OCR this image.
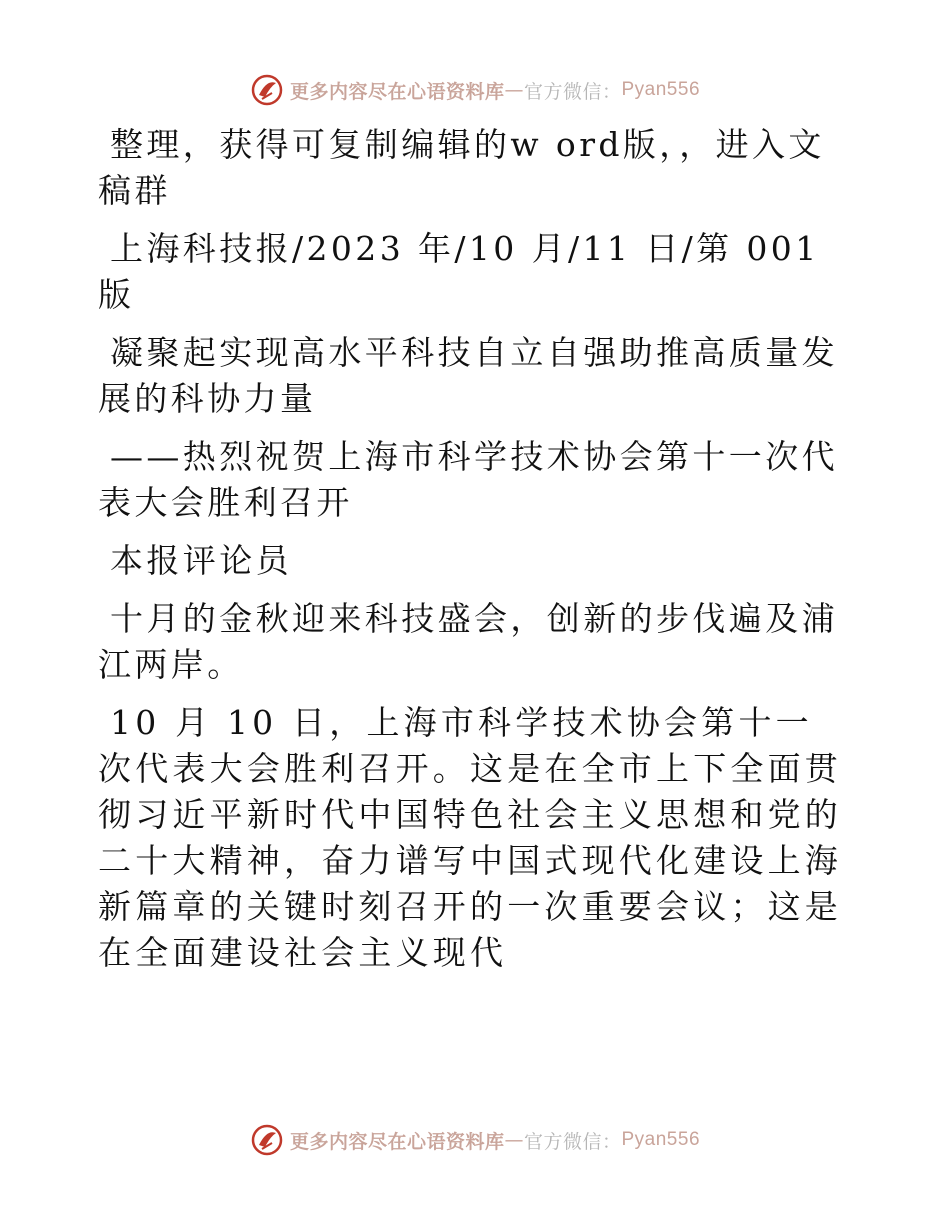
更多内容尽在心语资料库 — 官方微信： Pyan556

整理，获得可复制编辑的w ord版，，进入文稿群

上海科技报/2023 年/10 月/11 日/第 001 版

凝聚起实现高水平科技自立自强助推高质量发展的科协力量

——热烈祝贺上海市科学技术协会第十一次代表大会胜利召开

本报评论员

十月的金秋迎来科技盛会，创新的步伐遍及浦江两岸。

10 月 10 日，上海市科学技术协会第十一次代表大会胜利召开。这是在全市上下全面贯彻习近平新时代中国特色社会主义思想和党的二十大精神，奋力谱写中国式现代化建设上海新篇章的关键时刻召开的一次重要会议；这是在全面建设社会主义现代

更多内容尽在心语资料库 — 官方微信： Pyan556
